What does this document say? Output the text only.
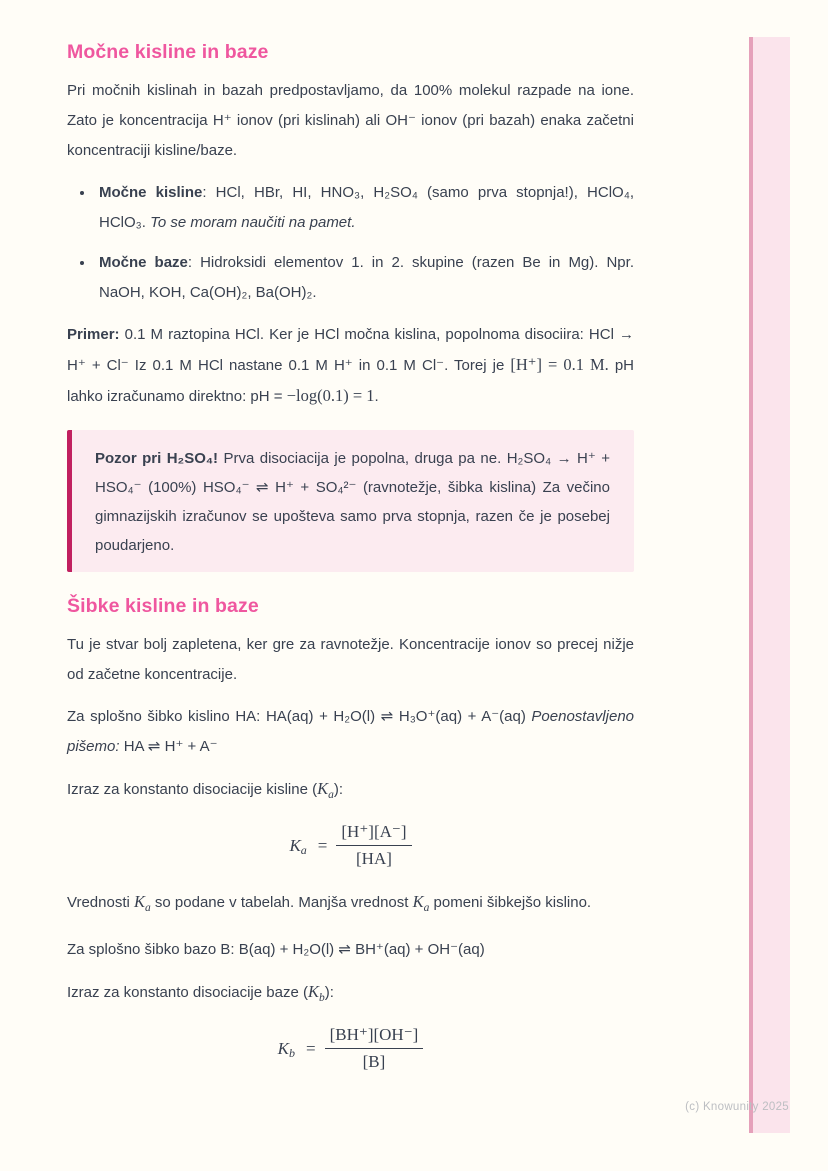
Močne kisline in baze

Pri močnih kislinah in bazah predpostavljamo, da 100% molekul razpade na ione. Zato je koncentracija H⁺ ionov (pri kislinah) ali OH⁻ ionov (pri bazah) enaka začetni koncentraciji kisline/baze.

• Močne kisline: HCl, HBr, HI, HNO₃, H₂SO₄ (samo prva stopnja!), HClO₄, HClO₃. To se moram naučiti na pamet.
• Močne baze: Hidroksidi elementov 1. in 2. skupine (razen Be in Mg). Npr. NaOH, KOH, Ca(OH)₂, Ba(OH)₂.

Primer: 0.1 M raztopina HCl. Ker je HCl močna kislina, popolnoma disociira: HCl → H⁺ + Cl⁻ Iz 0.1 M HCl nastane 0.1 M H⁺ in 0.1 M Cl⁻. Torej je [H⁺] = 0.1 M. pH lahko izračunamo direktno: pH = −log(0.1) = 1.

Pozor pri H₂SO₄! Prva disociacija je popolna, druga pa ne. H₂SO₄ → H⁺ + HSO₄⁻ (100%) HSO₄⁻ ⇌ H⁺ + SO₄²⁻ (ravnotežje, šibka kislina) Za večino gimnazijskih izračunov se upošteva samo prva stopnja, razen če je posebej poudarjeno.

Šibke kisline in baze

Tu je stvar bolj zapletena, ker gre za ravnotežje. Koncentracije ionov so precej nižje od začetne koncentracije.

Za splošno šibko kislino HA: HA(aq) + H₂O(l) ⇌ H₃O⁺(aq) + A⁻(aq) Poenostavljeno pišemo: HA ⇌ H⁺ + A⁻

Izraz za konstanto disociacije kisline $(K_a)$:

K $a = \frac{[H^+][A^-]}{[HA]}$

Vrednosti $K_a$ so podane v tabelah. Manjša vrednost $K_a$ pomeni šibkejšo kislino.

Za splošno šibko bazo B: B(aq) + H₂O(l) ⇌ BH⁺(aq) + OH⁻(aq)

Izraz za konstanto disociacije baze $(K_b)$:

K $b = \frac{[BH^+][OH^-]}{[B]}$
(c) Knowunity 2025
